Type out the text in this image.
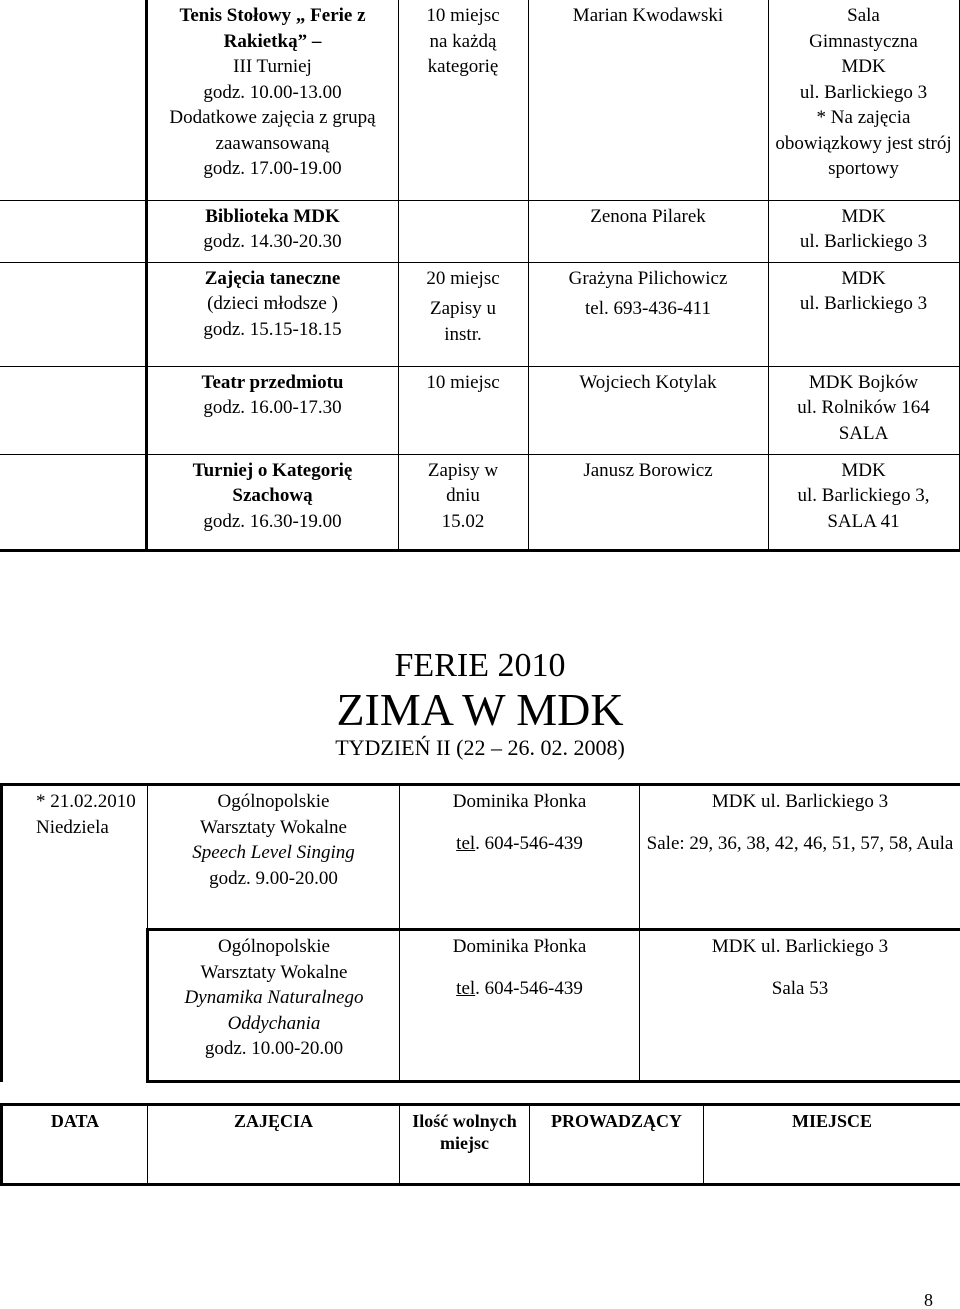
	Tenis Stołowy „ Ferie z Rakietką” –
III Turniej
godz. 10.00-13.00
Dodatkowe zajęcia z grupą zaawansowaną
godz. 17.00-19.00	10 miejsc
na każdą
kategorię	Marian Kwodawski	Sala
Gimnastyczna
MDK
ul. Barlickiego 3
* Na zajęcia obowiązkowy jest strój sportowy

	Biblioteka MDK
godz. 14.30-20.30		Zenona Pilarek	MDK
ul. Barlickiego 3

	Zajęcia taneczne
(dzieci młodsze )
godz. 15.15-18.15	20 miejsc
Zapisy u
instr.	Grażyna Pilichowicz
tel. 693-436-411	MDK
ul. Barlickiego 3

	Teatr przedmiotu
godz. 16.00-17.30	10 miejsc	Wojciech Kotylak	MDK Bojków
ul. Rolników 164
SALA

	Turniej o Kategorię Szachową
godz. 16.30-19.00	Zapisy w
dniu
15.02	Janusz Borowicz	MDK
ul. Barlickiego 3,
SALA 41
FERIE 2010
ZIMA W MDK
TYDZIEŃ II (22 – 26. 02. 2008)
* 21.02.2010
Niedziela	Ogólnopolskie
Warsztaty Wokalne
Speech Level Singing
godz. 9.00-20.00	Dominika Płonka
tel. 604-546-439	MDK ul. Barlickiego 3
Sale: 29, 36, 38, 42, 46, 51, 57, 58, Aula

	Ogólnopolskie
Warsztaty Wokalne
Dynamika Naturalnego Oddychania
godz. 10.00-20.00	Dominika Płonka
tel. 604-546-439	MDK ul. Barlickiego 3
Sala 53
DATA	ZAJĘCIA	Ilość wolnych miejsc	PROWADZĄCY	MIEJSCE
8
